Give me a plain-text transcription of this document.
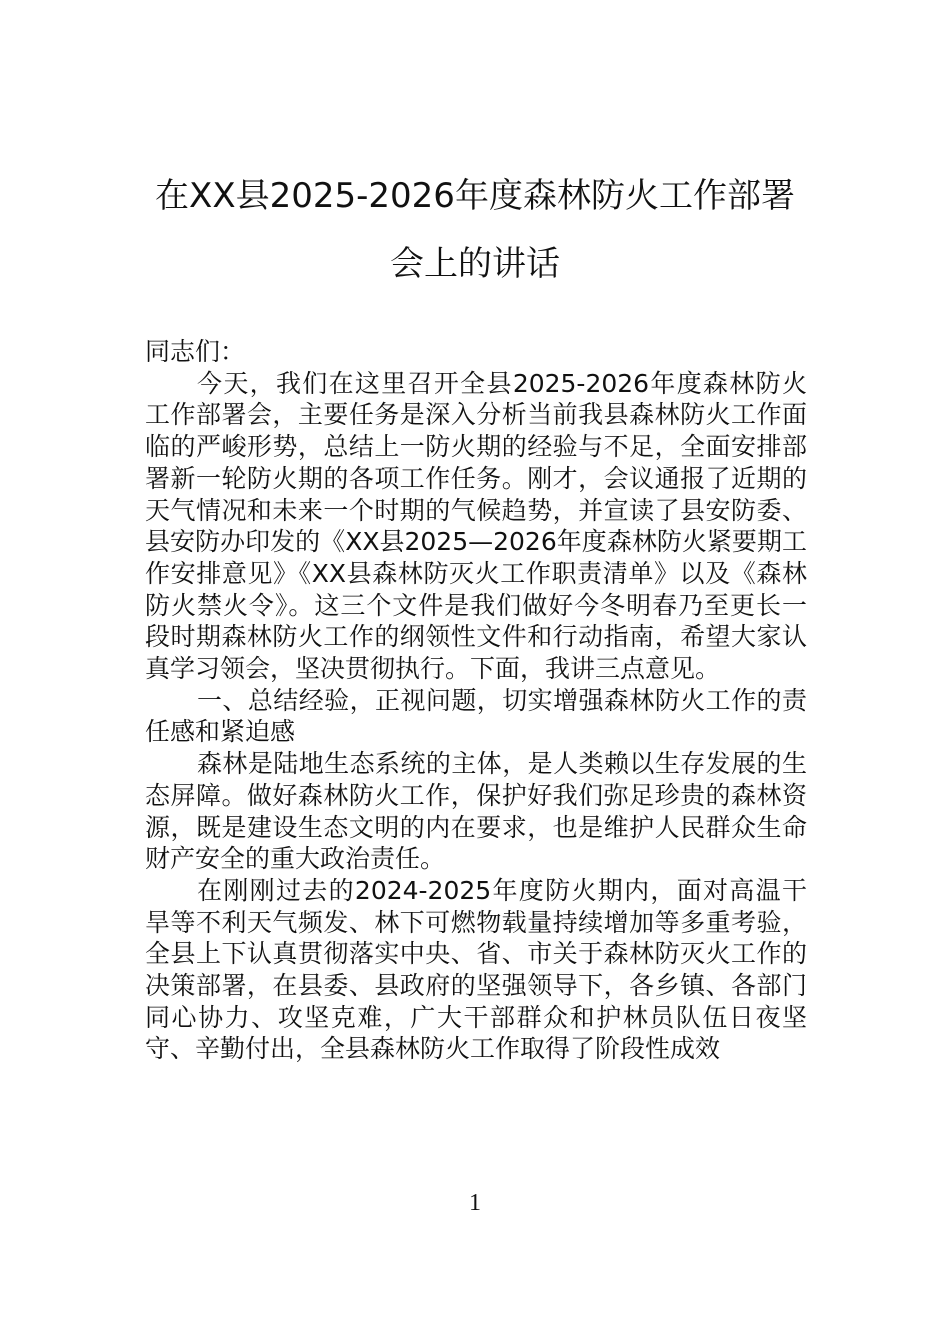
在XX县2025-2026年度森林防火工作部署
会上的讲话

同志们：

今天，我们在这里召开全县2025-2026年度森林防火工作部署会，主要任务是深入分析当前我县森林防火工作面临的严峻形势，总结上一防火期的经验与不足，全面安排部署新一轮防火期的各项工作任务。刚才，会议通报了近期的天气情况和未来一个时期的气候趋势，并宣读了县安防委、县安防办印发的《XX县2025—2026年度森林防火紧要期工作安排意见》《XX县森林防灭火工作职责清单》以及《森林防火禁火令》。这三个文件是我们做好今冬明春乃至更长一段时期森林防火工作的纲领性文件和行动指南，希望大家认真学习领会，坚决贯彻执行。下面，我讲三点意见。

一、总结经验，正视问题，切实增强森林防火工作的责任感和紧迫感

森林是陆地生态系统的主体，是人类赖以生存发展的生态屏障。做好森林防火工作，保护好我们弥足珍贵的森林资源，既是建设生态文明的内在要求，也是维护人民群众生命财产安全的重大政治责任。

在刚刚过去的2024-2025年度防火期内，面对高温干旱等不利天气频发、林下可燃物载量持续增加等多重考验，全县上下认真贯彻落实中央、省、市关于森林防灭火工作的决策部署，在县委、县政府的坚强领导下，各乡镇、各部门同心协力、攻坚克难，广大干部群众和护林员队伍日夜坚守、辛勤付出，全县森林防火工作取得了阶段性成效

1
